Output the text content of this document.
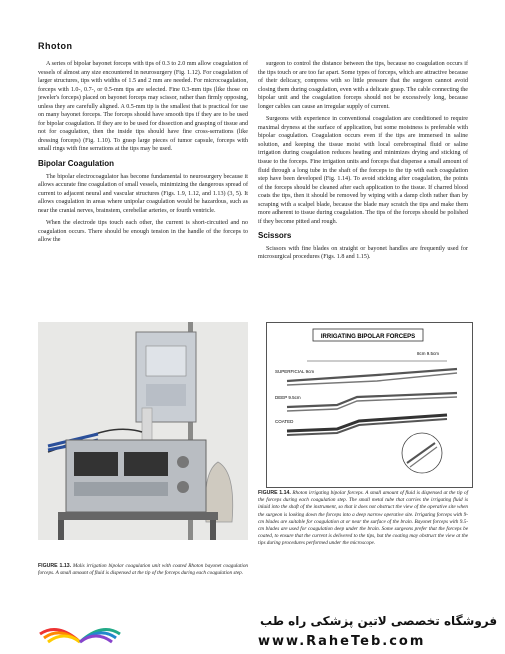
Rhoton

A series of bipolar bayonet forceps with tips of 0.3 to 2.0 mm allow coagulation of vessels of almost any size encountered in neurosurgery (Fig. 1.12). For coagulation of larger structures, tips with widths of 1.5 and 2 mm are needed. For microcoagulation, forceps with 1.0-, 0.7-, or 0.5-mm tips are selected. Fine 0.3-mm tips (like those on jeweler's forceps) placed on bayonet forceps may scissor, rather than firmly opposing, unless they are carefully aligned. A 0.5-mm tip is the smallest that is practical for use on many bayonet forceps. The forceps should have smooth tips if they are to be used for bipolar coagulation. If they are to be used for dissection and grasping of tissue and not for coagulation, then the inside tips should have fine cross-serrations (like dressing forceps) (Fig. 1.10). To grasp large pieces of tumor capsule, forceps with small rings with fine serrations at the tips may be used.

Bipolar Coagulation

The bipolar electrocoagulator has become fundamental to neurosurgery because it allows accurate fine coagulation of small vessels, minimizing the dangerous spread of current to adjacent neural and vascular structures (Figs. 1.9, 1.12, and 1.13) (3, 5). It allows coagulation in areas where unipolar coagulation would be hazardous, such as near the cranial nerves, brainstem, cerebellar arteries, or fourth ventricle.

When the electrode tips touch each other, the current is short-circuited and no coagulation occurs. There should be enough tension in the handle of the forceps to allow the

surgeon to control the distance between the tips, because no coagulation occurs if the tips touch or are too far apart. Some types of forceps, which are attractive because of their delicacy, compress with so little pressure that the surgeon cannot avoid closing them during coagulation, even with a delicate grasp. The cable connecting the bipolar unit and the coagulation forceps should not be excessively long, because longer cables can cause an irregular supply of current.

Surgeons with experience in conventional coagulation are conditioned to require maximal dryness at the surface of application, but some moistness is preferable with bipolar coagulation. Coagulation occurs even if the tips are immersed in saline solution, and keeping the tissue moist with local cerebrospinal fluid or saline irrigation during coagulation reduces heating and minimizes drying and sticking of tissue to the forceps. Fine irrigation units and forceps that dispense a small amount of fluid through a long tube in the shaft of the forceps to the tip with each coagulation step have been developed (Fig. 1.14). To avoid sticking after coagulation, the points of the forceps should be cleaned after each application to the tissue. If charred blood coats the tips, then it should be removed by wiping with a damp cloth rather than by scraping with a scalpel blade, because the blade may scratch the tips and make them more adherent to tissue during coagulation. The tips of the forceps should be polished if they become pitted and rough.

Scissors

Scissors with fine blades on straight or bayonet handles are frequently used for microsurgical procedures (Figs. 1.8 and 1.15).

FIGURE 1.13. Malis irrigation bipolar coagulation unit with coated Rhoton bayonet coagulation forceps. A small amount of fluid is dispensed at the tip of the forceps during each coagulation step.
IRRIGATING BIPOLAR FORCEPS
8cm 9.5cm
SUPERFICIAL 9cm
DEEP 9.5cm
COATED
FIGURE 1.14. Rhoton irrigating bipolar forceps. A small amount of fluid is dispensed at the tip of the forceps during each coagulation step. The small metal tube that carries the irrigating fluid is inlaid into the shaft of the instrument, so that it does not obstruct the view of the operative site when the surgeon is looking down the forceps into a deep narrow operative site. Irrigating forceps with 9-cm blades are suitable for coagulation at or near the surface of the brain. Bayonet forceps with 9.5-cm blades are used for coagulation deep under the brain. Some surgeons prefer that the forceps be coated, to ensure that the current is delivered to the tips, but the coating may obstruct the view at the tips during procedures performed under the microscope.
فروشگاه تخصصی لاتین پزشکی راه طب
www.RaheTeb.com
